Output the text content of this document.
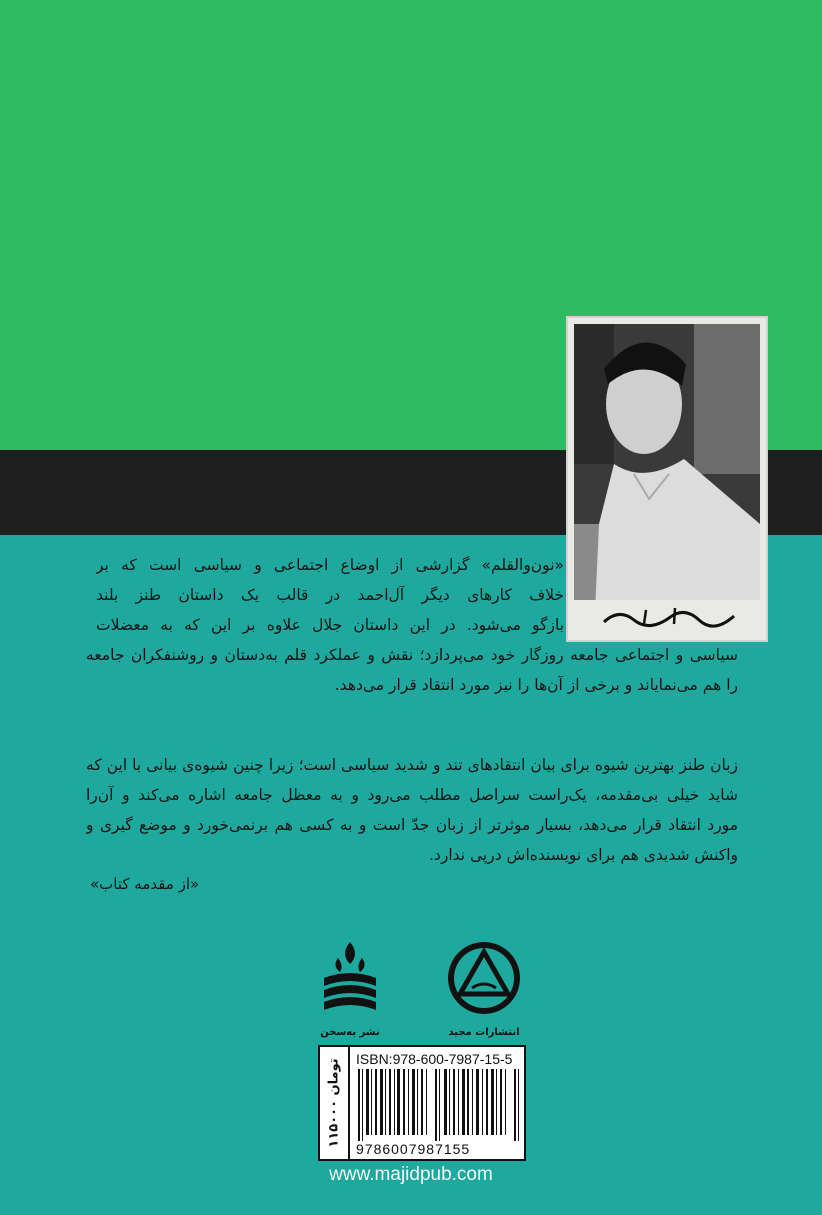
«نون‌والقلم» گزارشی از اوضاع اجتماعی و سیاسی است که بر
خلاف کارهای دیگر آل‌احمد در قالب یک داستان طنز بلند
بازگو می‌شود. در این داستان جلال علاوه بر این که به معضلات
سیاسی و اجتماعی جامعه روزگار خود می‌پردازد؛ نقش و عملکرد قلم به‌دستان و روشنفکران جامعه
را هم می‌نمایاند و برخی از آن‌ها را نیز مورد انتقاد قرار می‌دهد.
زبان طنز بهترین شیوه برای بیان انتقادهای تند و شدید سیاسی است؛ زیرا چنین شیوه‌ی بیانی با این که
شاید خیلی بی‌مقدمه، یک‌راست سراصل مطلب می‌رود و به معظل جامعه اشاره می‌کند و آن‌را
مورد انتقاد قرار می‌دهد، بسیار موثرتر از زبان جدّ است و به کسی هم برنمی‌خورد و موضع گیری و
واکنش شدیدی هم برای نویسنده‌اش درپی ندارد.
«از مقدمه کتاب»
نشر به‌سخن	انتشارات مجید
۱۱۵۰۰۰ تومان ISBN:978-600-7987-15-5
9786007987155
www.majidpub.com
